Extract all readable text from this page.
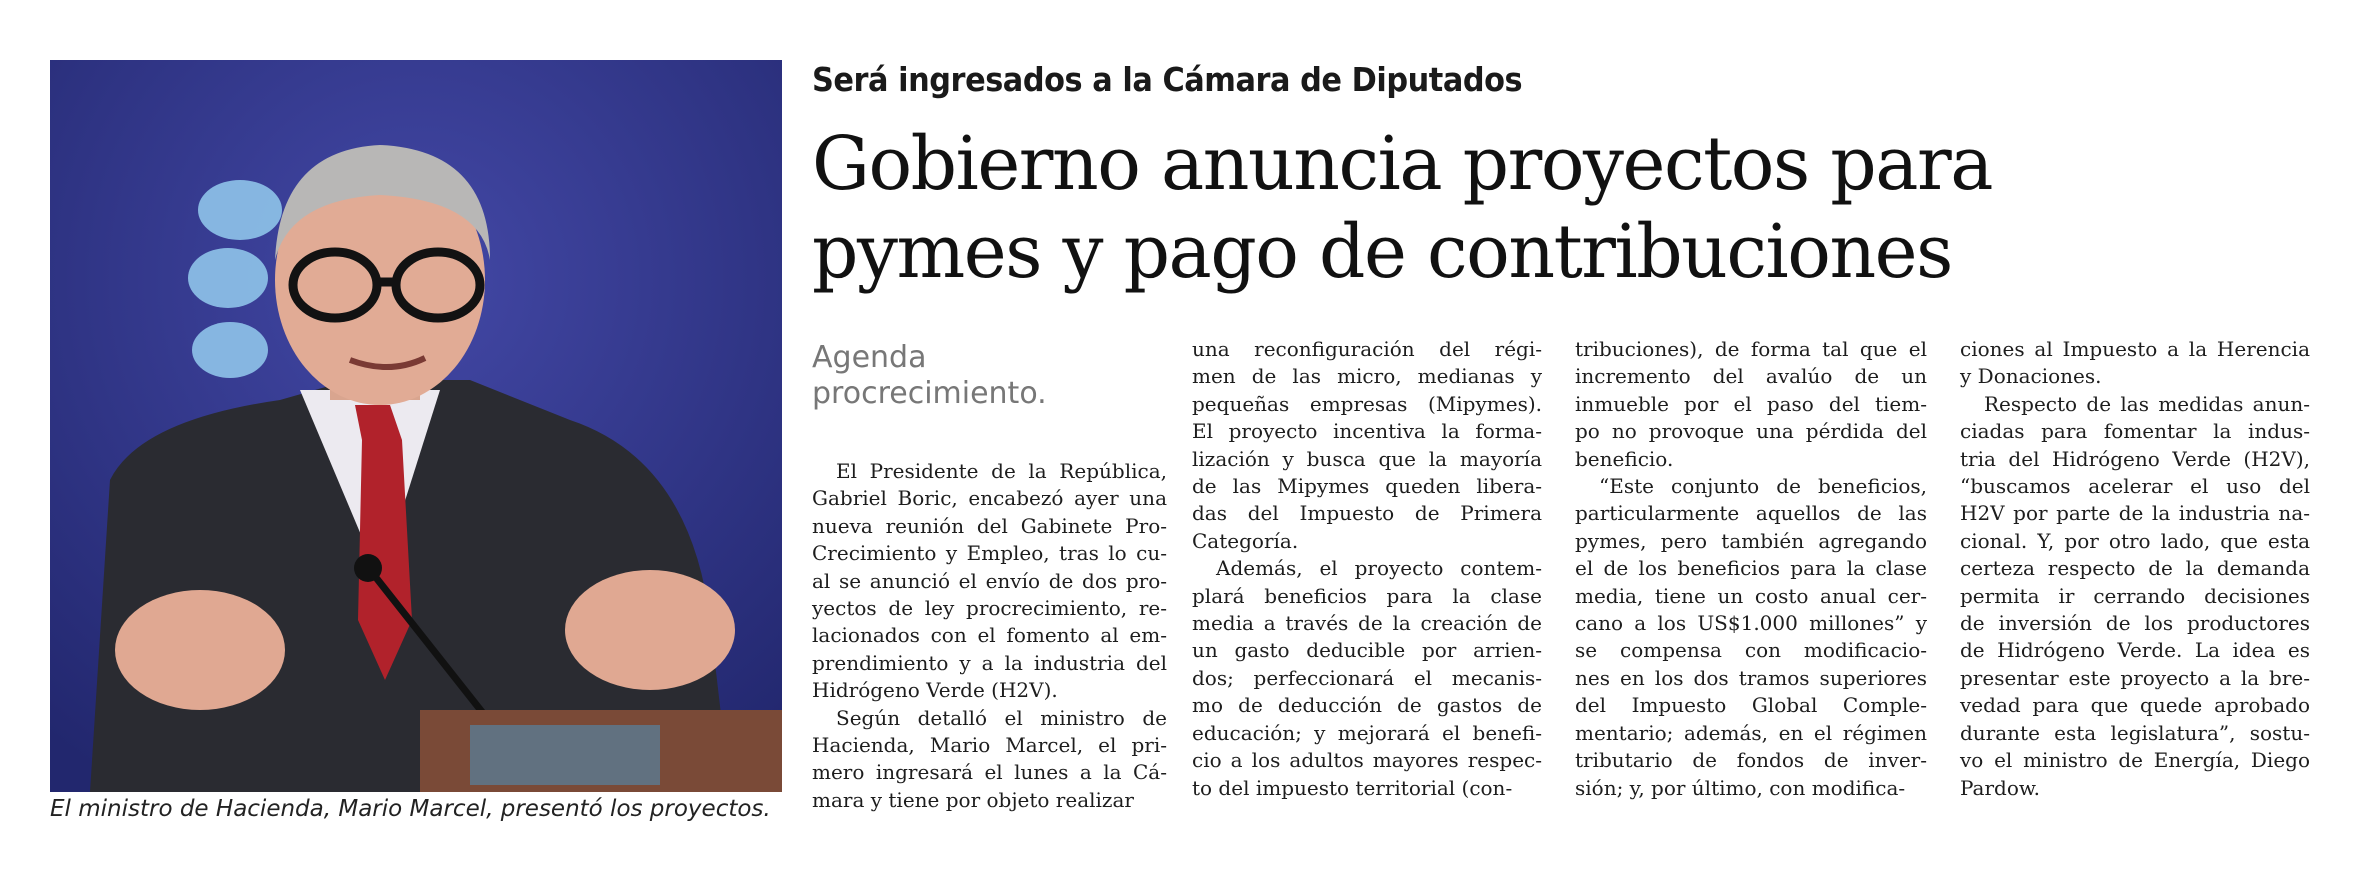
El ministro de Hacienda, Mario Marcel, presentó los proyectos.
Será ingresados a la Cámara de Diputados
Gobierno anuncia proyectos para
pymes y pago de contribuciones
Agenda
procrecimiento.
El Presidente de la República,
Gabriel Boric, encabezó ayer una
nueva reunión del Gabinete Pro-
Crecimiento y Empleo, tras lo cu-
al se anunció el envío de dos pro-
yectos de ley procrecimiento, re-
lacionados con el fomento al em-
prendimiento y a la industria del
Hidrógeno Verde (H2V).
Según detalló el ministro de
Hacienda, Mario Marcel, el pri-
mero ingresará el lunes a la Cá-
mara y tiene por objeto realizar
una reconfiguración del régi-
men de las micro, medianas y
pequeñas empresas (Mipymes).
El proyecto incentiva la forma-
lización y busca que la mayoría
de las Mipymes queden libera-
das del Impuesto de Primera
Categoría.
Además, el proyecto contem-
plará beneficios para la clase
media a través de la creación de
un gasto deducible por arrien-
dos; perfeccionará el mecanis-
mo de deducción de gastos de
educación; y mejorará el benefi-
cio a los adultos mayores respec-
to del impuesto territorial (con-
tribuciones), de forma tal que el
incremento del avalúo de un
inmueble por el paso del tiem-
po no provoque una pérdida del
beneficio.
“Este conjunto de beneficios,
particularmente aquellos de las
pymes, pero también agregando
el de los beneficios para la clase
media, tiene un costo anual cer-
cano a los US$1.000 millones” y
se compensa con modificacio-
nes en los dos tramos superiores
del Impuesto Global Comple-
mentario; además, en el régimen
tributario de fondos de inver-
sión; y, por último, con modifica-
ciones al Impuesto a la Herencia
y Donaciones.
Respecto de las medidas anun-
ciadas para fomentar la indus-
tria del Hidrógeno Verde (H2V),
“buscamos acelerar el uso del
H2V por parte de la industria na-
cional. Y, por otro lado, que esta
certeza respecto de la demanda
permita ir cerrando decisiones
de inversión de los productores
de Hidrógeno Verde. La idea es
presentar este proyecto a la bre-
vedad para que quede aprobado
durante esta legislatura”, sostu-
vo el ministro de Energía, Diego
Pardow.
